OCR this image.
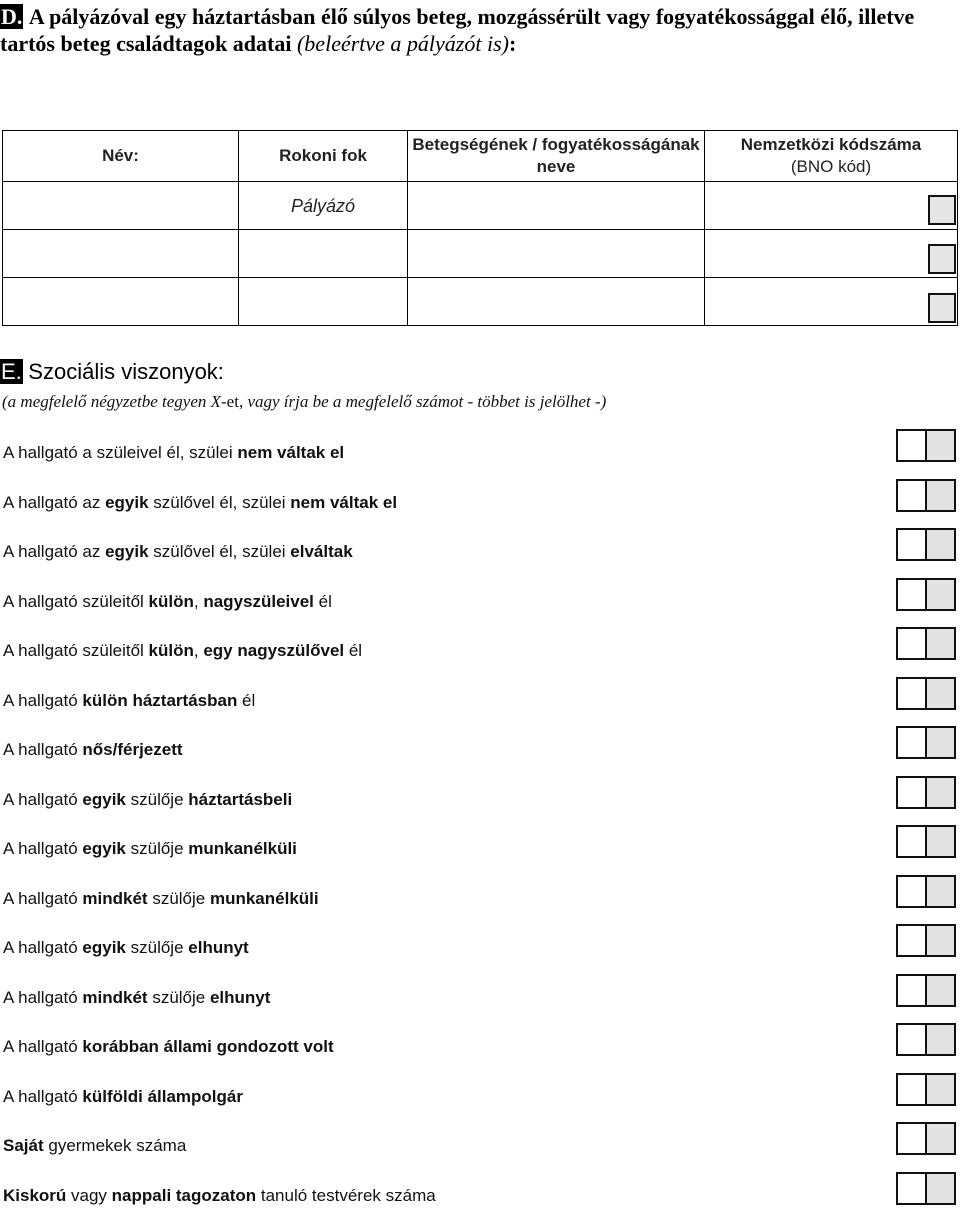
D. A pályázóval egy háztartásban élő súlyos beteg, mozgássérült vagy fogyatékossággal élő, illetve tartós beteg családtagok adatai (beleértve a pályázót is):
Név:	Rokoni fok	Betegségének / fogyatékosságának neve	Nemzetközi kódszáma
(BNO kód)

	Pályázó		

E. Szociális viszonyok:
(a megfelelő négyzetbe tegyen X-et, vagy írja be a megfelelő számot - többet is jelölhet -)
A hallgató a szüleivel él, szülei nem váltak el
A hallgató az egyik szülővel él, szülei nem váltak el
A hallgató az egyik szülővel él, szülei elváltak
A hallgató szüleitől külön, nagyszüleivel él
A hallgató szüleitől külön, egy nagyszülővel él
A hallgató külön háztartásban él
A hallgató nős/férjezett
A hallgató egyik szülője háztartásbeli
A hallgató egyik szülője munkanélküli
A hallgató mindkét szülője munkanélküli
A hallgató egyik szülője elhunyt
A hallgató mindkét szülője elhunyt
A hallgató korábban állami gondozott volt
A hallgató külföldi állampolgár
Saját gyermekek száma
Kiskorú vagy nappali tagozaton tanuló testvérek száma
